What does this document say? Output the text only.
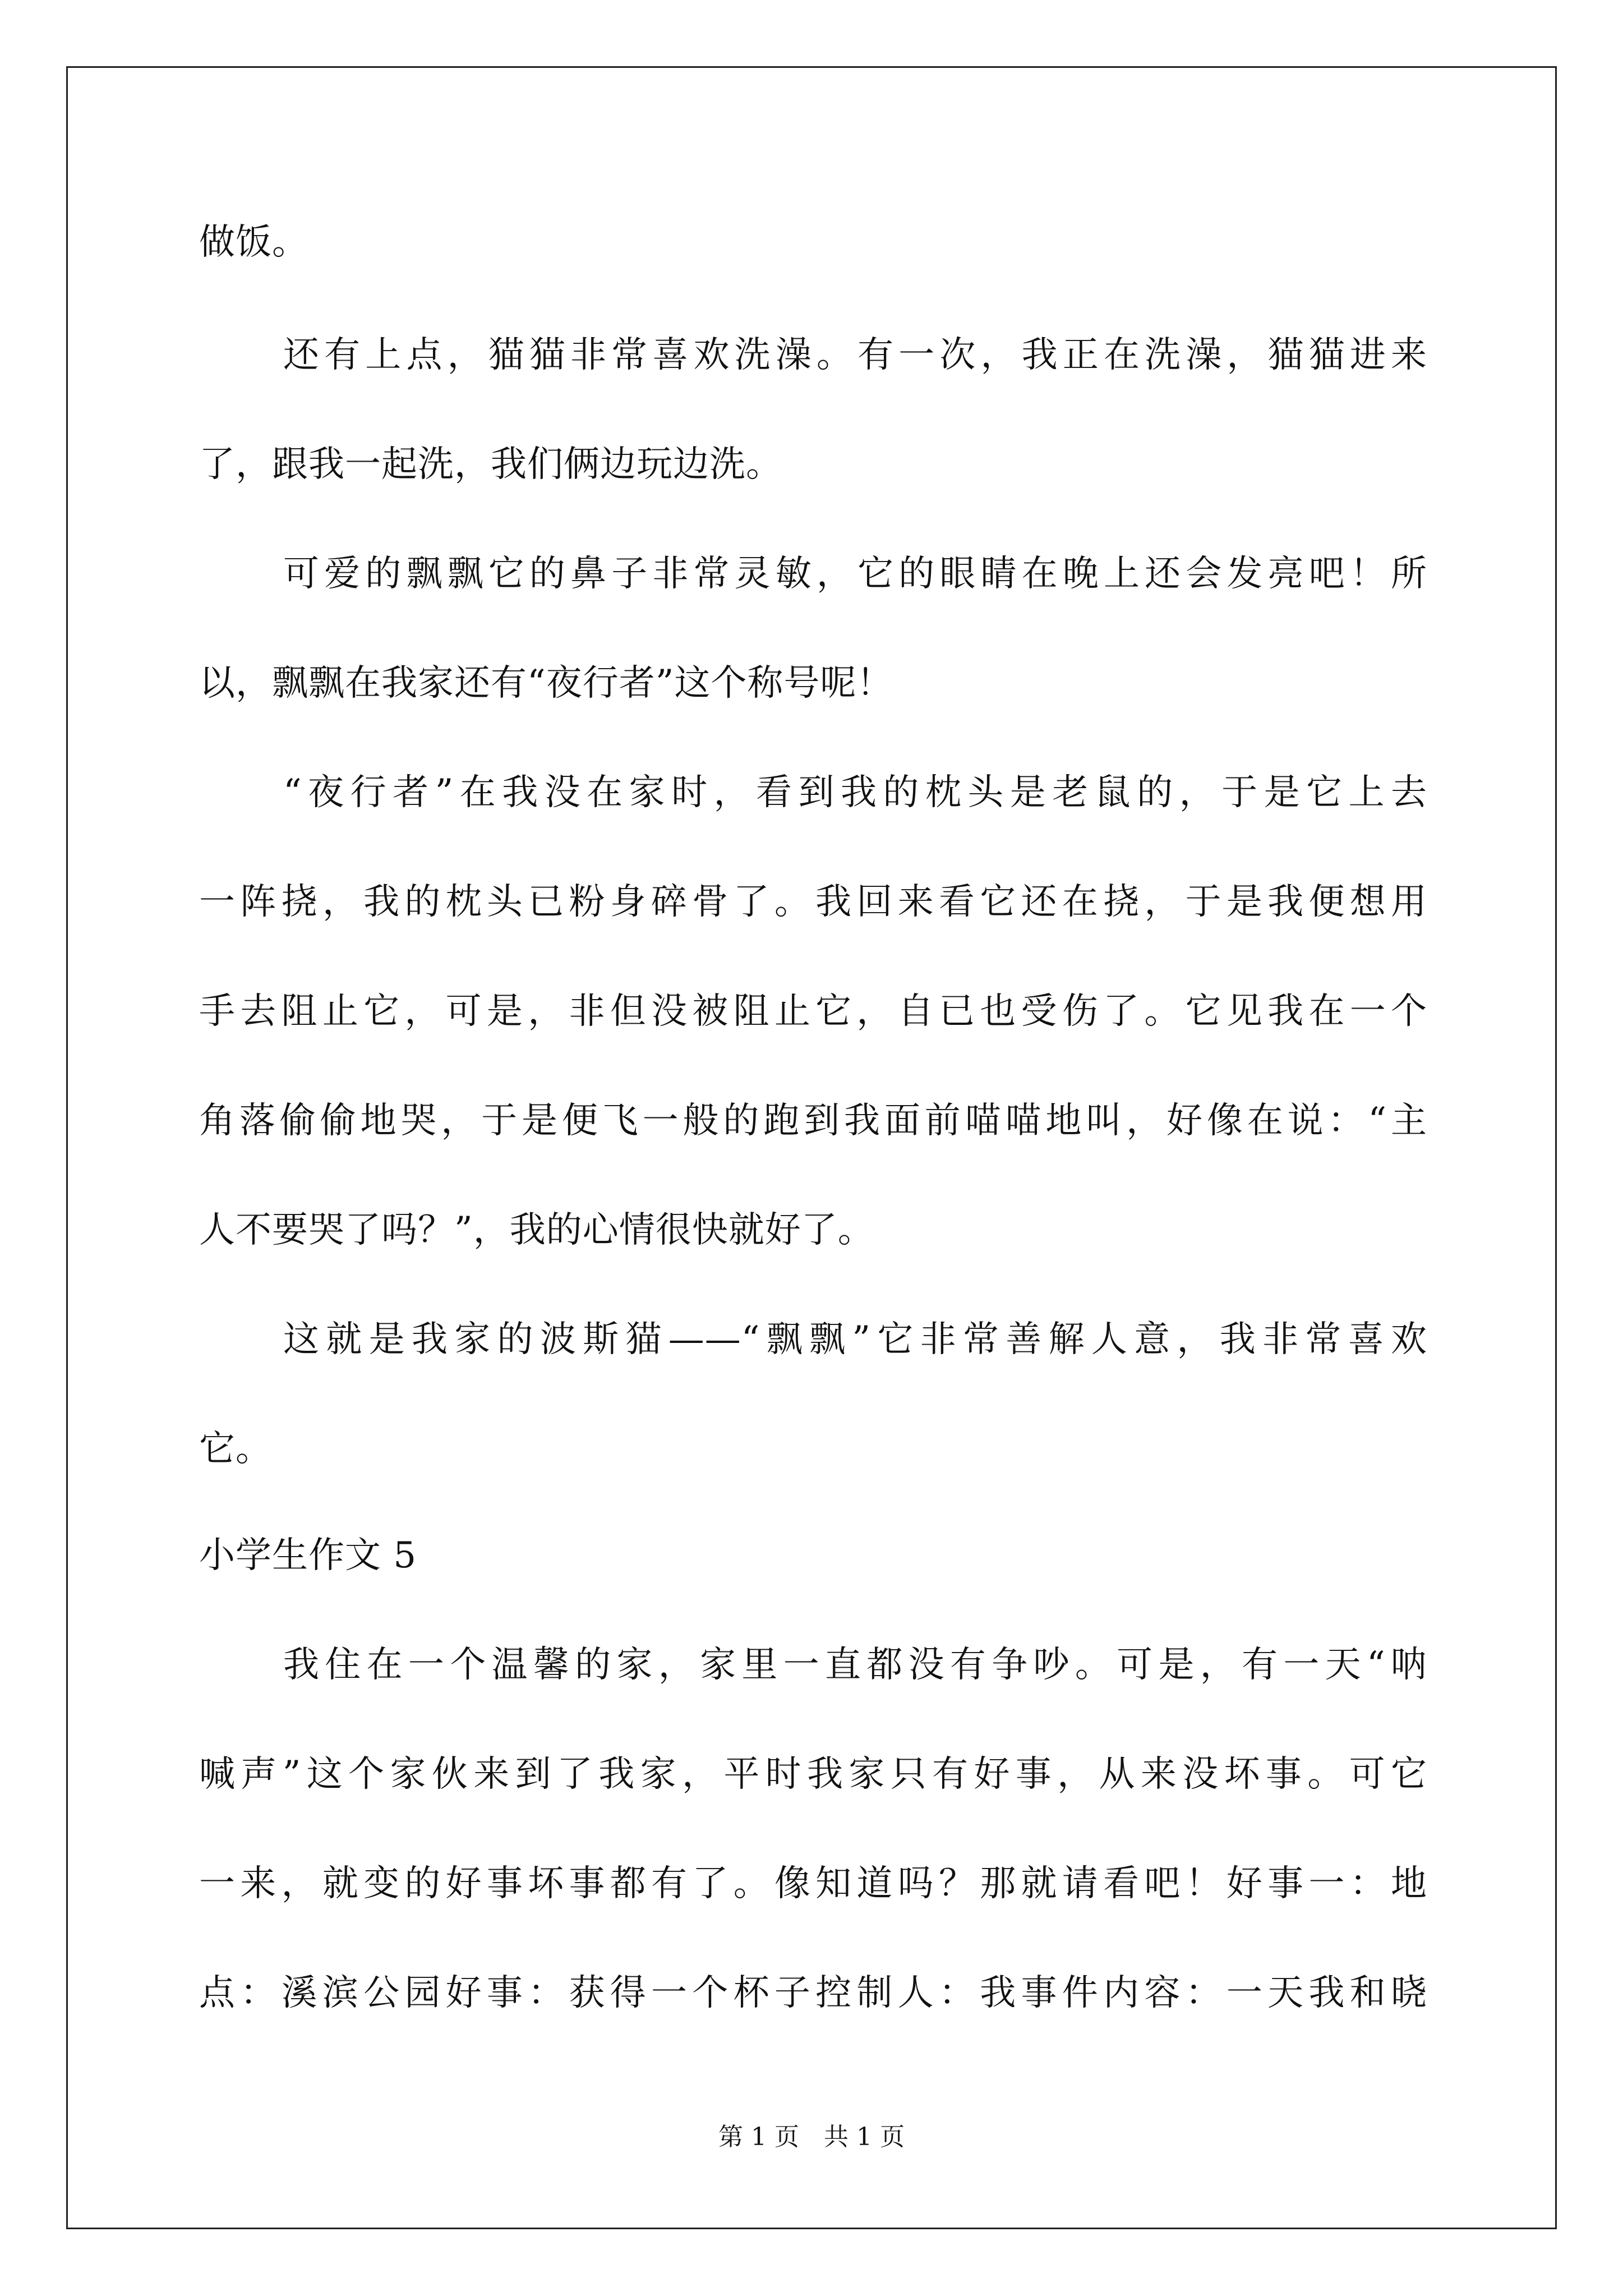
做饭。
还有上点，猫猫非常喜欢洗澡。有一次，我正在洗澡，猫猫进来
了，跟我一起洗，我们俩边玩边洗。
可爱的飘飘它的鼻子非常灵敏，它的眼睛在晚上还会发亮吧！所
以，飘飘在我家还有“夜行者”这个称号呢！
“夜行者”在我没在家时，看到我的枕头是老鼠的，于是它上去
一阵挠，我的枕头已粉身碎骨了。我回来看它还在挠，于是我便想用
手去阻止它，可是，非但没被阻止它，自已也受伤了。它见我在一个
角落偷偷地哭，于是便飞一般的跑到我面前喵喵地叫，好像在说：“主
人不要哭了吗？”，我的心情很快就好了。
这就是我家的波斯猫——“飘飘”它非常善解人意，我非常喜欢
它。
小学生作文 5
我住在一个温馨的家，家里一直都没有争吵。可是，有一天“呐
喊声”这个家伙来到了我家，平时我家只有好事，从来没坏事。可它
一来，就变的好事坏事都有了。像知道吗？那就请看吧！好事一：地
点：溪滨公园好事：获得一个杯子控制人：我事件内容：一天我和晓
第 1 页　共 1 页
